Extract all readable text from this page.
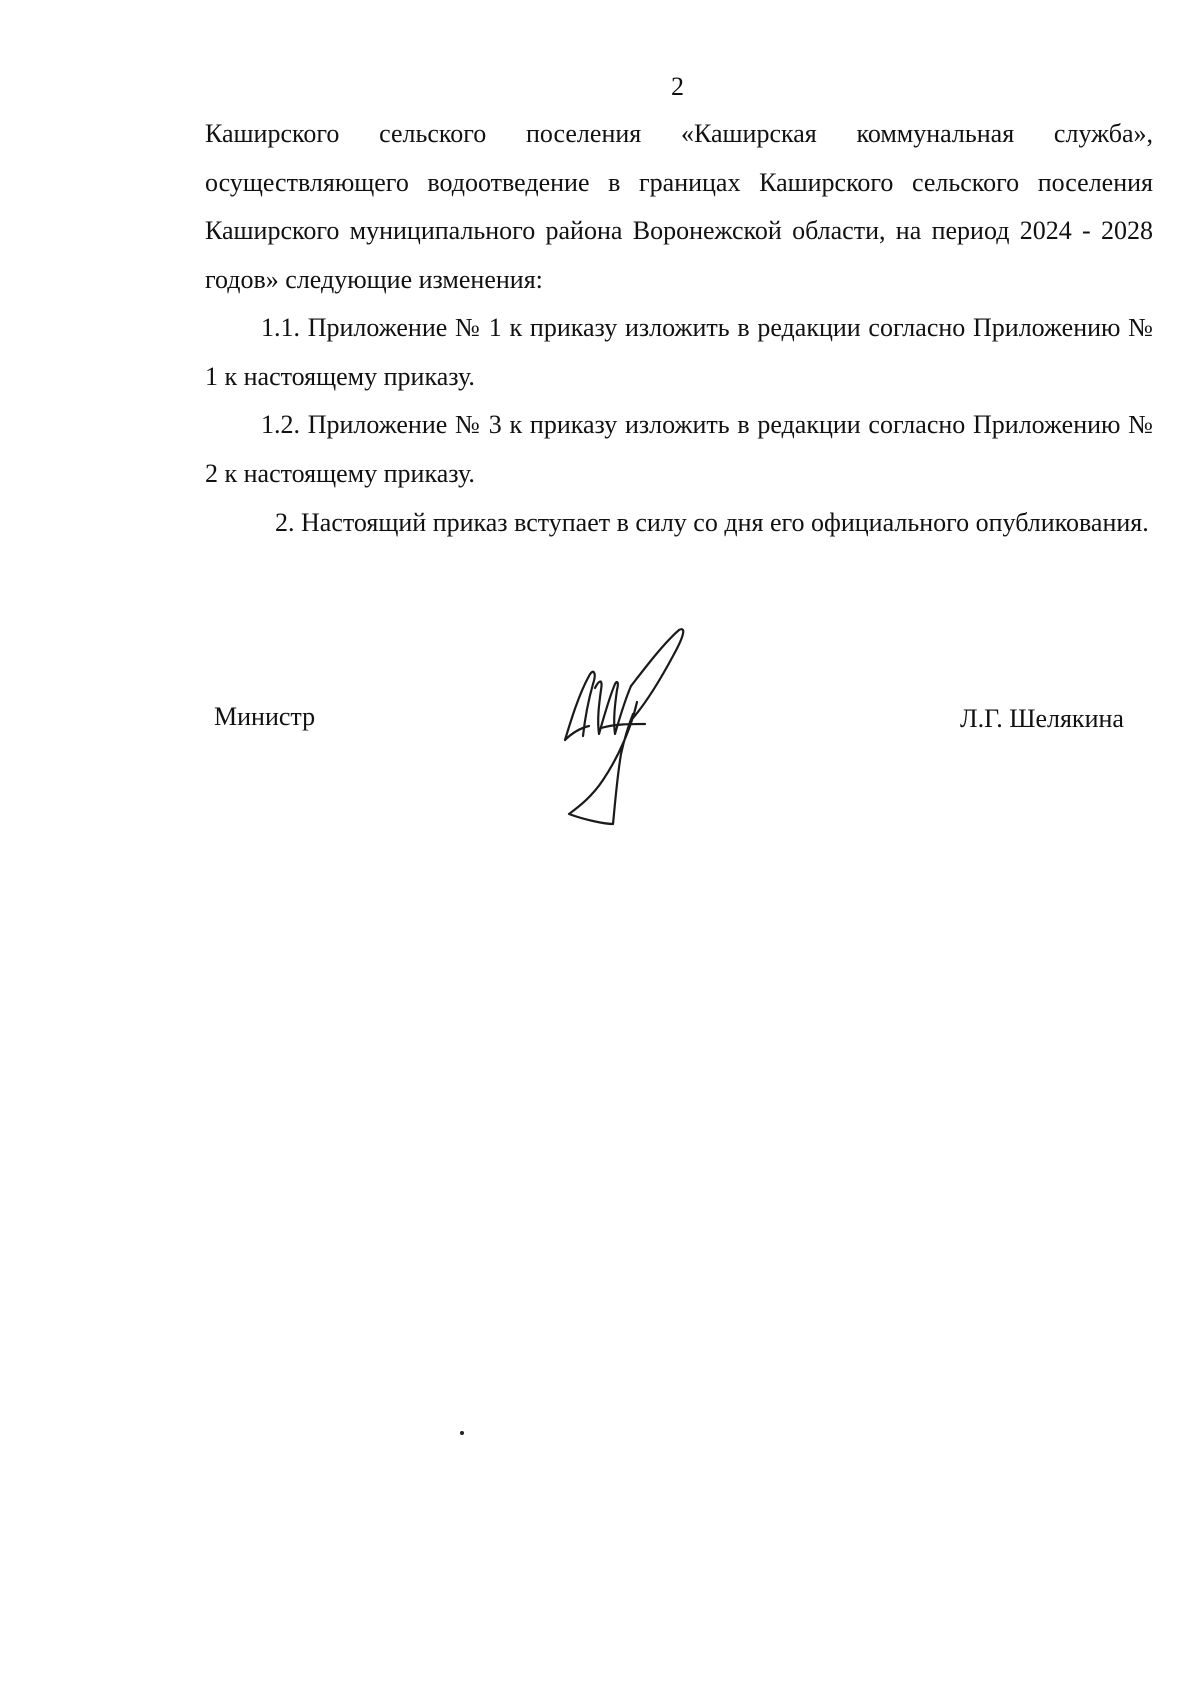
2

Каширского сельского поселения «Каширская коммунальная служба», осуществляющего водоотведение в границах Каширского сельского поселения Каширского муниципального района Воронежской области, на период 2024 - 2028 годов» следующие изменения:

1.1. Приложение № 1 к приказу изложить в редакции согласно Приложению № 1 к настоящему приказу.

1.2. Приложение № 3 к приказу изложить в редакции согласно Приложению № 2 к настоящему приказу.

2. Настоящий приказ вступает в силу со дня его официального опубликования.

Министр	Л.Г. Шелякина
